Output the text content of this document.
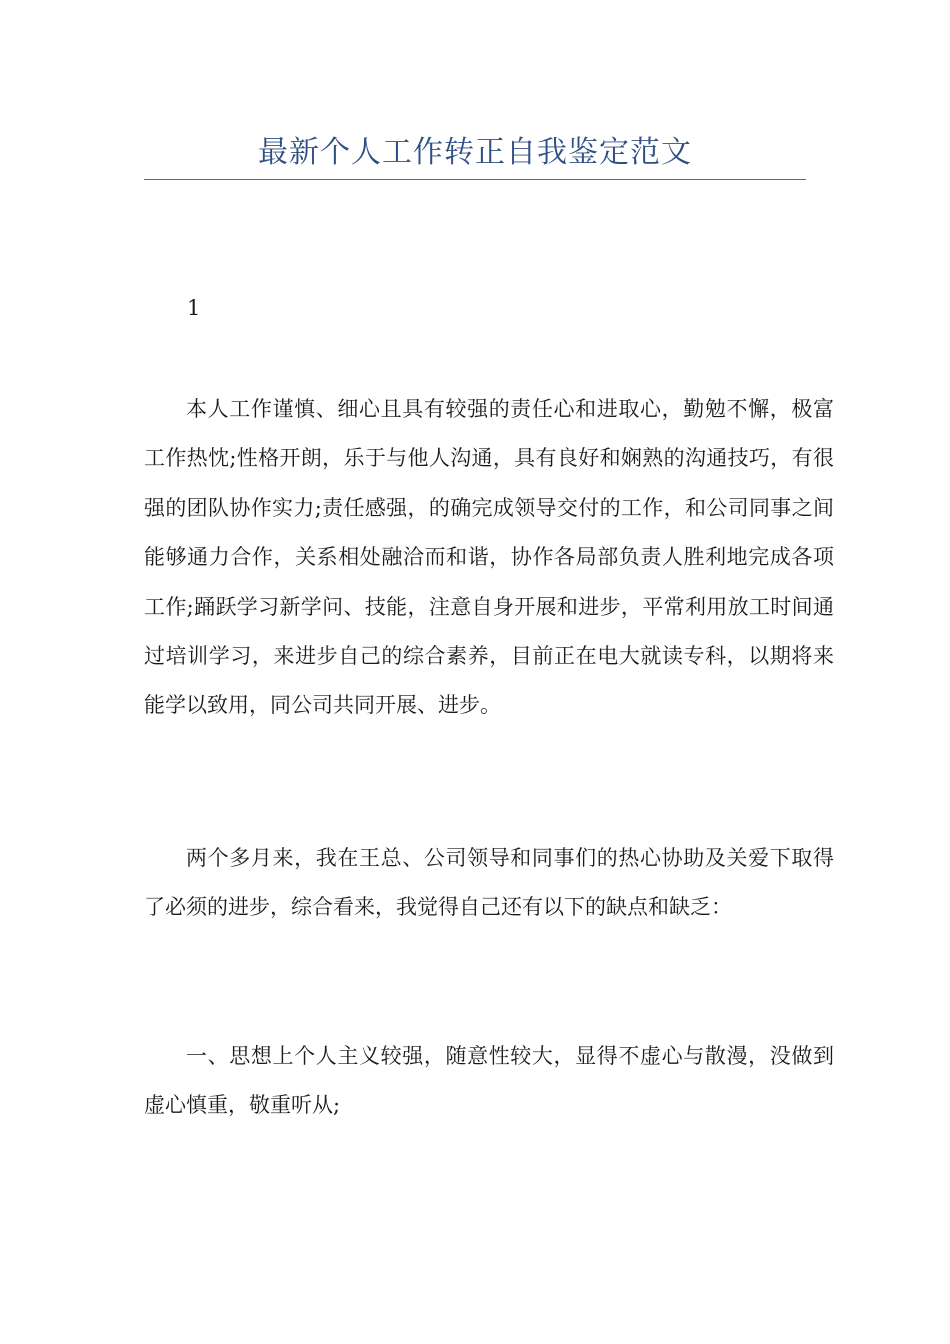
最新个人工作转正自我鉴定范文
1

本人工作谨慎、细心且具有较强的责任心和进取心，勤勉不懈，极富工作热忱;性格开朗，乐于与他人沟通，具有良好和娴熟的沟通技巧，有很强的团队协作实力;责任感强，的确完成领导交付的工作，和公司同事之间能够通力合作，关系相处融洽而和谐，协作各局部负责人胜利地完成各项工作;踊跃学习新学问、技能，注意自身开展和进步，平常利用放工时间通过培训学习，来进步自己的综合素养，目前正在电大就读专科，以期将来能学以致用，同公司共同开展、进步。

两个多月来，我在王总、公司领导和同事们的热心协助及关爱下取得了必须的进步，综合看来，我觉得自己还有以下的缺点和缺乏：

一、思想上个人主义较强，随意性较大，显得不虚心与散漫，没做到虚心慎重，敬重听从;
